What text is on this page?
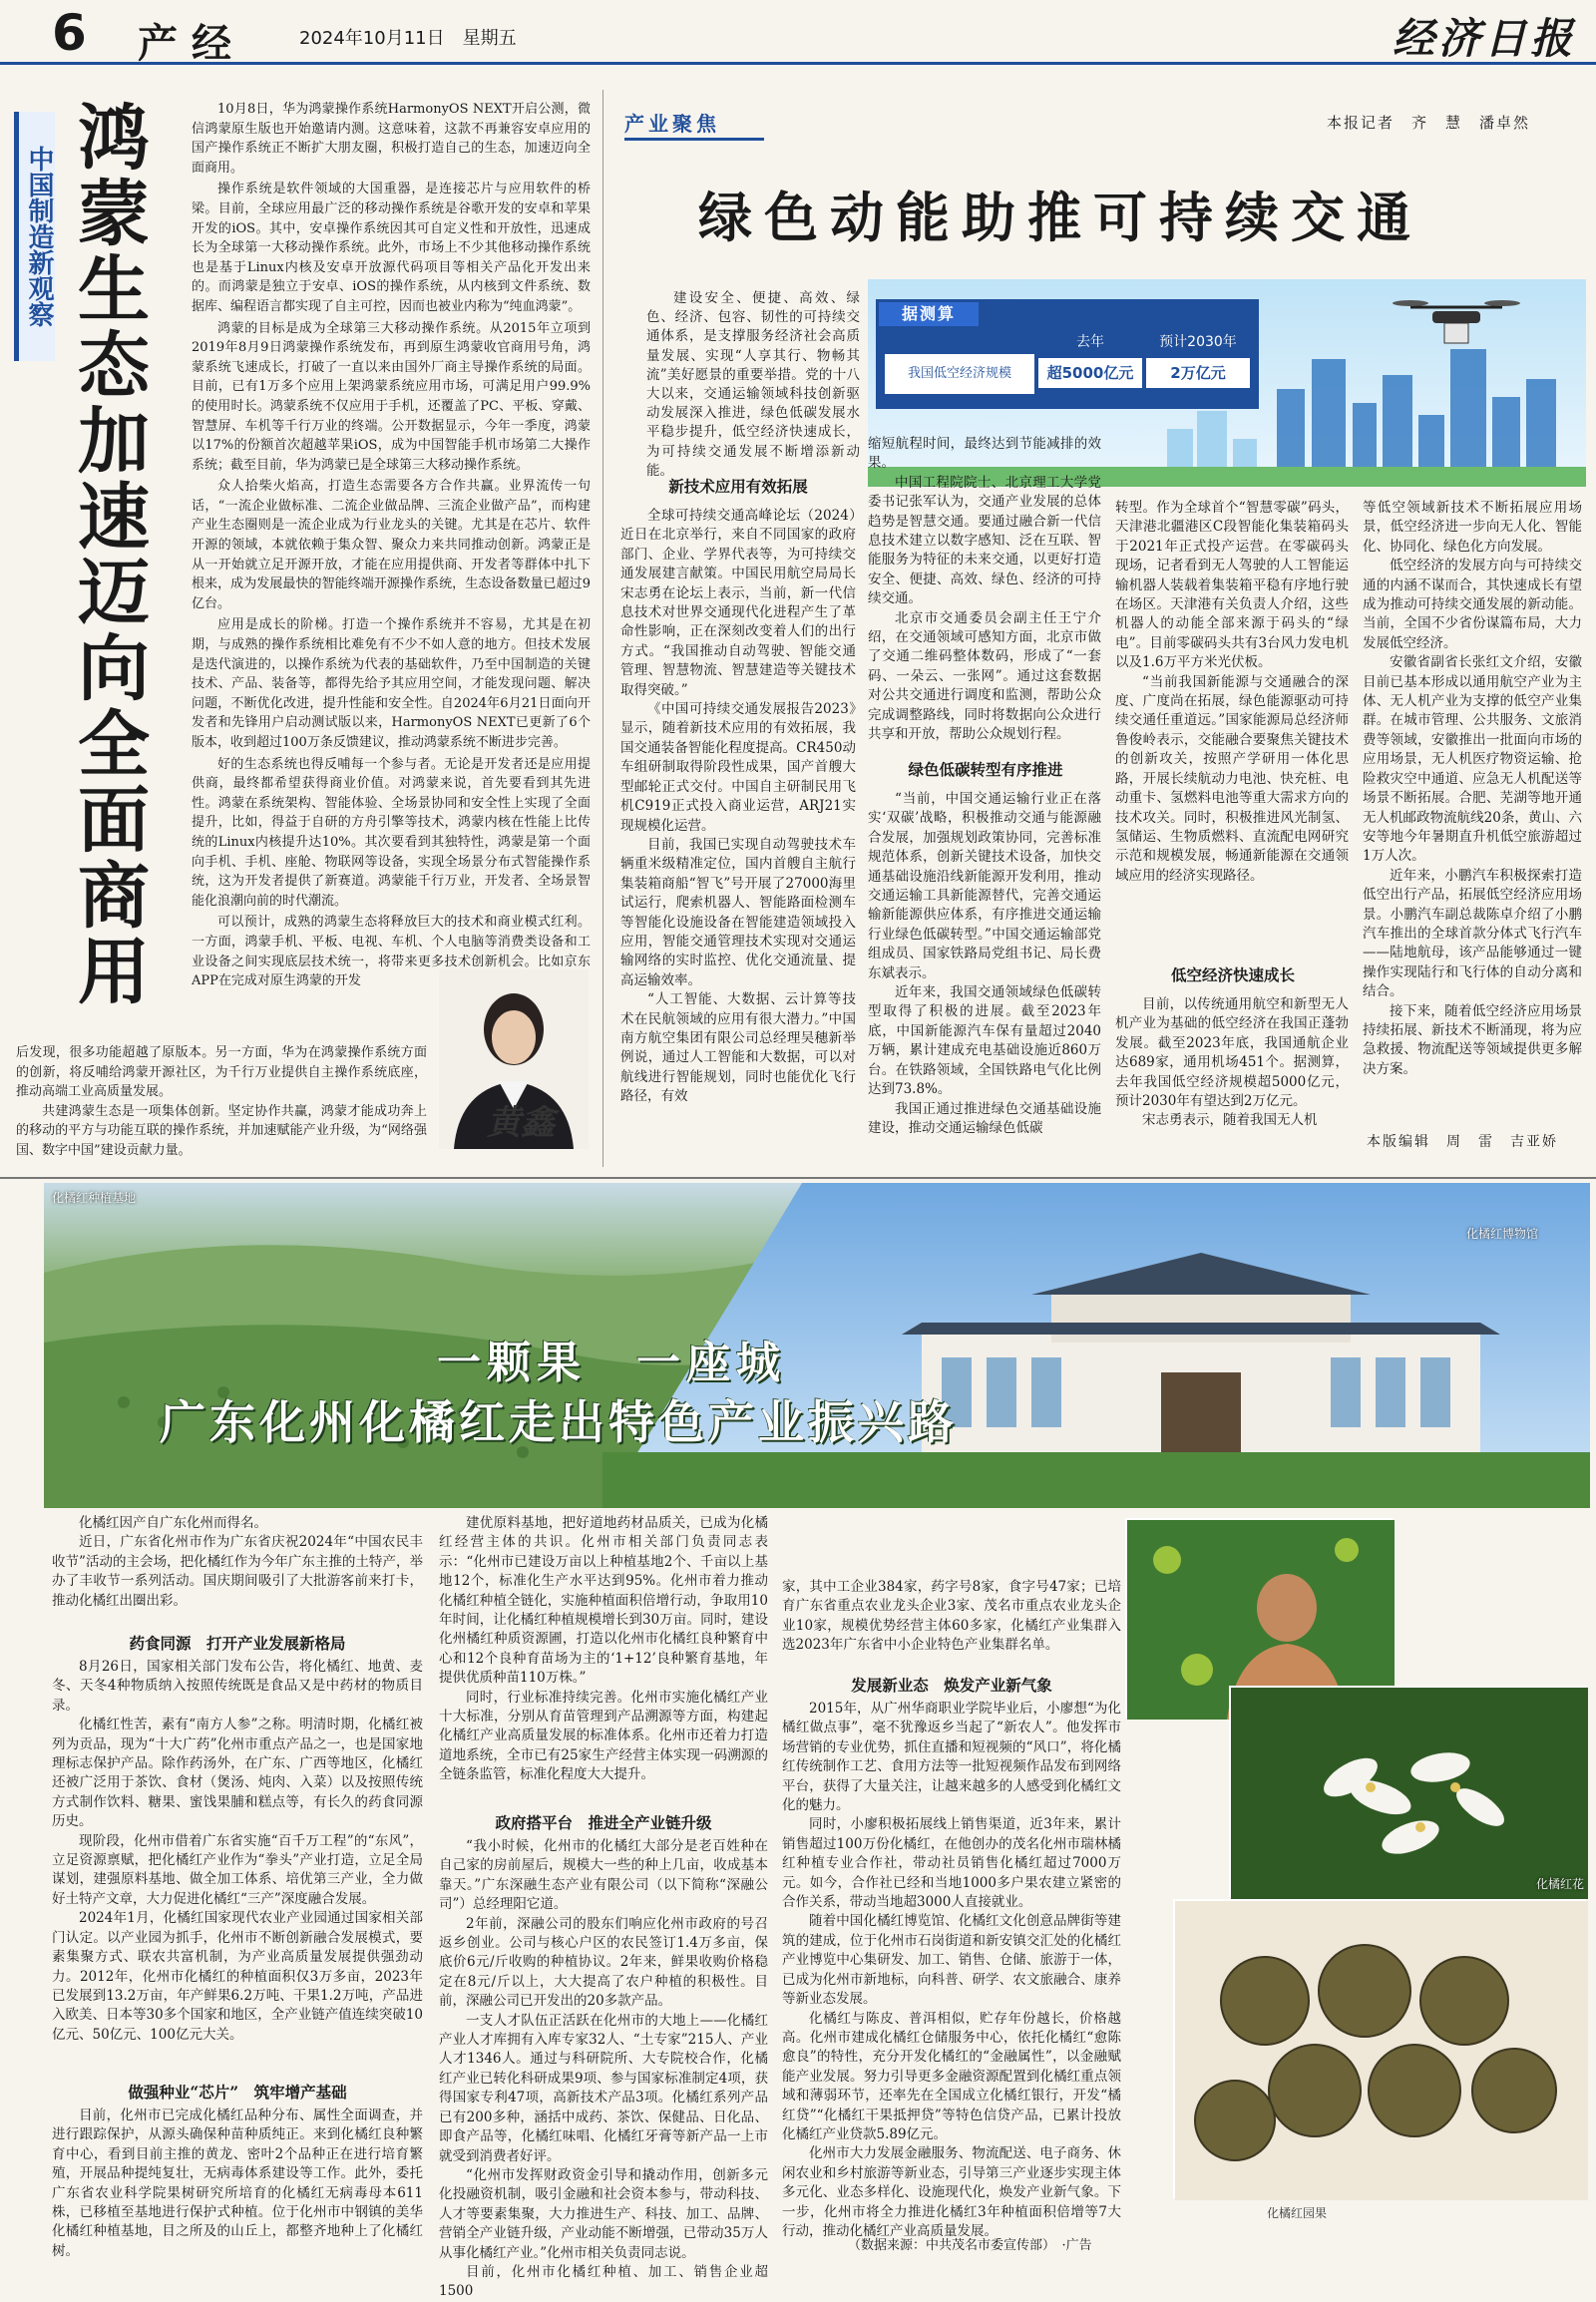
6 产经	2024年10月11日　星期五	经济日报
中国制造新观察 鸿蒙生态加速迈向全面商用	10月8日，华为鸿蒙操作系统HarmonyOS NEXT开启公测，微信鸿蒙原生版也开始邀请内测。这意味着，这款不再兼容安卓应用的国产操作系统正不断扩大朋友圈，积极打造自己的生态，加速迈向全面商用。

操作系统是软件领域的大国重器，是连接芯片与应用软件的桥梁。目前，全球应用最广泛的移动操作系统是谷歌开发的安卓和苹果开发的iOS。其中，安卓操作系统因其可自定义性和开放性，迅速成长为全球第一大移动操作系统。此外，市场上不少其他移动操作系统也是基于Linux内核及安卓开放源代码项目等相关产品化开发出来的。而鸿蒙是独立于安卓、iOS的操作系统，从内核到文件系统、数据库、编程语言都实现了自主可控，因而也被业内称为“纯血鸿蒙”。

鸿蒙的目标是成为全球第三大移动操作系统。从2015年立项到2019年8月9日鸿蒙操作系统发布，再到原生鸿蒙收官商用号角，鸿蒙系统飞速成长，打破了一直以来由国外厂商主导操作系统的局面。目前，已有1万多个应用上架鸿蒙系统应用市场，可满足用户99.9%的使用时长。鸿蒙系统不仅应用于手机，还覆盖了PC、平板、穿戴、智慧屏、车机等千行万业的终端。公开数据显示，今年一季度，鸿蒙以17%的份额首次超越苹果iOS，成为中国智能手机市场第二大操作系统；截至目前，华为鸿蒙已是全球第三大移动操作系统。

众人拾柴火焰高，打造生态需要各方合作共赢。业界流传一句话，“一流企业做标准、二流企业做品牌、三流企业做产品”，而构建产业生态圈则是一流企业成为行业龙头的关键。尤其是在芯片、软件开源的领域，本就依赖于集众智、聚众力来共同推动创新。鸿蒙正是从一开始就立足开源开放，才能在应用提供商、开发者等群体中扎下根来，成为发展最快的智能终端开源操作系统，生态设备数量已超过9亿台。

应用是成长的阶梯。打造一个操作系统并不容易，尤其是在初期，与成熟的操作系统相比难免有不少不如人意的地方。但技术发展是迭代演进的，以操作系统为代表的基础软件，乃至中国制造的关键技术、产品、装备等，都得先给予其应用空间，才能发现问题、解决问题，不断优化改进，提升性能和安全性。自2024年6月21日面向开发者和先锋用户启动测试版以来，HarmonyOS NEXT已更新了6个版本，收到超过100万条反馈建议，推动鸿蒙系统不断进步完善。

好的生态系统也得反哺每一个参与者。无论是开发者还是应用提供商，最终都希望获得商业价值。对鸿蒙来说，首先要看到其先进性。鸿蒙在系统架构、智能体验、全场景协同和安全性上实现了全面提升，比如，得益于自研的方舟引擎等技术，鸿蒙内核在性能上比传统的Linux内核提升达10%。其次要看到其独特性，鸿蒙是第一个面向手机、手机、座舱、物联网等设备，实现全场景分布式智能操作系统，这为开发者提供了新赛道。鸿蒙能千行万业，开发者、全场景智能化浪潮向前的时代潮流。

可以预计，成熟的鸿蒙生态将释放巨大的技术和商业模式红利。一方面，鸿蒙手机、平板、电视、车机、个人电脑等消费类设备和工业设备之间实现底层技术统一，将带来更多技术创新机会。比如京东APP在完成对原生鸿蒙的开发

后发现，很多功能超越了原版本。另一方面，华为在鸿蒙操作系统方面的创新，将反哺给鸿蒙开源社区，为千行万业提供自主操作系统底座，推动高端工业高质量发展。

共建鸿蒙生态是一项集体创新。坚定协作共赢，鸿蒙才能成功奔上的移动的平方与功能互联的操作系统，并加速赋能产业升级，为“网络强国、数字中国”建设贡献力量。

黄鑫
产业聚焦	本报记者　齐　慧　潘卓然
绿色动能助推可持续交通

建设安全、便捷、高效、绿色、经济、包容、韧性的可持续交通体系，是支撑服务经济社会高质量发展、实现“人享其行、物畅其流”美好愿景的重要举措。党的十八大以来，交通运输领域科技创新驱动发展深入推进，绿色低碳发展水平稳步提升，低空经济快速成长，为可持续交通发展不断增添新动能。

据测算
我国低空经济规模
去年
超5000亿元
预计2030年
2万亿元
新技术应用有效拓展

全球可持续交通高峰论坛（2024）近日在北京举行，来自不同国家的政府部门、企业、学界代表等，为可持续交通发展建言献策。中国民用航空局局长宋志勇在论坛上表示，当前，新一代信息技术对世界交通现代化进程产生了革命性影响，正在深刻改变着人们的出行方式。“我国推动自动驾驶、智能交通管理、智慧物流、智慧建造等关键技术取得突破。”

《中国可持续交通发展报告2023》显示，随着新技术应用的有效拓展，我国交通装备智能化程度提高。CR450动车组研制取得阶段性成果，国产首艘大型邮轮正式交付。中国自主研制民用飞机C919正式投入商业运营，ARJ21实现规模化运营。

目前，我国已实现自动驾驶技术车辆重米级精准定位，国内首艘自主航行集装箱商船“智飞”号开展了27000海里试运行，爬索机器人、智能路面检测车等智能化设施设备在智能建造领域投入应用，智能交通管理技术实现对交通运输网络的实时监控、优化交通流量、提高运输效率。

“人工智能、大数据、云计算等技术在民航领域的应用有很大潜力。”中国南方航空集团有限公司总经理吴穗新举例说，通过人工智能和大数据，可以对航线进行智能规划，同时也能优化飞行路径，有效

缩短航程时间，最终达到节能减排的效果。

中国工程院院士、北京理工大学党委书记张军认为，交通产业发展的总体趋势是智慧交通。要通过融合新一代信息技术建立以数字感知、泛在互联、智能服务为特征的未来交通，以更好打造安全、便捷、高效、绿色、经济的可持续交通。

北京市交通委员会副主任王宁介绍，在交通领域可感知方面，北京市做了交通二维码整体数码，形成了“一套码、一朵云、一张网”。通过这套数据对公共交通进行调度和监测，帮助公众完成调整路线，同时将数据向公众进行共享和开放，帮助公众规划行程。

绿色低碳转型有序推进

“当前，中国交通运输行业正在落实‘双碳’战略，积极推动交通与能源融合发展，加强规划政策协同，完善标准规范体系，创新关键技术设备，加快交通基础设施沿线新能源开发利用，推动交通运输工具新能源替代，完善交通运输新能源供应体系，有序推进交通运输行业绿色低碳转型。”中国交通运输部党组成员、国家铁路局党组书记、局长费东斌表示。

近年来，我国交通领域绿色低碳转型取得了积极的进展。截至2023年底，中国新能源汽车保有量超过2040万辆，累计建成充电基础设施近860万台。在铁路领域，全国铁路电气化比例达到73.8%。

我国正通过推进绿色交通基础设施建设，推动交通运输绿色低碳

转型。作为全球首个“智慧零碳”码头，天津港北疆港区C段智能化集装箱码头于2021年正式投产运营。在零碳码头现场，记者看到无人驾驶的人工智能运输机器人装载着集装箱平稳有序地行驶在场区。天津港有关负责人介绍，这些机器人的动能全部来源于码头的“绿电”。目前零碳码头共有3台风力发电机以及1.6万平方米光伏板。

“当前我国新能源与交通融合的深度、广度尚在拓展，绿色能源驱动可持续交通任重道远。”国家能源局总经济师鲁俊岭表示，交能融合要聚焦关键技术的创新攻关，按照产学研用一体化思路，开展长续航动力电池、快充桩、电动重卡、氢燃料电池等重大需求方向的技术攻关。同时，积极推进风光制氢、氢储运、生物质燃料、直流配电网研究示范和规模发展，畅通新能源在交通领域应用的经济实现路径。

低空经济快速成长

目前，以传统通用航空和新型无人机产业为基础的低空经济在我国正蓬勃发展。截至2023年底，我国通航企业达689家，通用机场451个。据测算，去年我国低空经济规模超5000亿元，预计2030年有望达到2万亿元。

宋志勇表示，随着我国无人机

等低空领域新技术不断拓展应用场景，低空经济进一步向无人化、智能化、协同化、绿色化方向发展。

低空经济的发展方向与可持续交通的内涵不谋而合，其快速成长有望成为推动可持续交通发展的新动能。当前，全国不少省份谋篇布局，大力发展低空经济。

安徽省副省长张红文介绍，安徽目前已基本形成以通用航空产业为主体、无人机产业为支撑的低空产业集群。在城市管理、公共服务、文旅消费等领域，安徽推出一批面向市场的应用场景，无人机医疗物资运输、抢险救灾空中通道、应急无人机配送等场景不断拓展。合肥、芜湖等地开通无人机邮政物流航线20条，黄山、六安等地今年暑期直升机低空旅游超过1万人次。

近年来，小鹏汽车积极探索打造低空出行产品，拓展低空经济应用场景。小鹏汽车副总裁陈卓介绍了小鹏汽车推出的全球首款分体式飞行汽车——陆地航母，该产品能够通过一键操作实现陆行和飞行体的自动分离和结合。

接下来，随着低空经济应用场景持续拓展、新技术不断涌现，将为应急救援、物流配送等领域提供更多解决方案。

本版编辑　周　雷　吉亚娇
化橘红种植基地
化橘红博物馆
一颗果　一座城
广东化州化橘红走出特色产业振兴路

化橘红因产自广东化州而得名。

近日，广东省化州市作为广东省庆祝2024年“中国农民丰收节”活动的主会场，把化橘红作为今年广东主推的土特产，举办了丰收节一系列活动。国庆期间吸引了大批游客前来打卡，推动化橘红出圈出彩。

药食同源　打开产业发展新格局

8月26日，国家相关部门发布公告，将化橘红、地黄、麦冬、天冬4种物质纳入按照传统既是食品又是中药材的物质目录。

化橘红性苦，素有“南方人参”之称。明清时期，化橘红被列为贡品，现为“十大广药”化州市重点产品之一，也是国家地理标志保护产品。除作药汤外，在广东、广西等地区，化橘红还被广泛用于茶饮、食材（煲汤、炖肉、入菜）以及按照传统方式制作饮料、糖果、蜜饯果脯和糕点等，有长久的药食同源历史。

现阶段，化州市借着广东省实施“百千万工程”的“东风”，立足资源禀赋，把化橘红产业作为“拳头”产业打造，立足全局谋划，建强原料基地、做全加工体系、培优第三产业，全力做好土特产文章，大力促进化橘红“三产”深度融合发展。

2024年1月，化橘红国家现代农业产业园通过国家相关部门认定。以产业园为抓手，化州市不断创新融合发展模式，要素集聚方式、联农共富机制，为产业高质量发展提供强劲动力。2012年，化州市化橘红的种植面积仅3万多亩，2023年已发展到13.2万亩，年产鲜果6.2万吨、干果1.2万吨，产品进入欧美、日本等30多个国家和地区，全产业链产值连续突破10亿元、50亿元、100亿元大关。

做强种业“芯片”　筑牢增产基础

目前，化州市已完成化橘红品种分布、属性全面调查，并进行跟踪保护，从源头确保种苗种质纯正。来到化橘红良种繁育中心，看到目前主推的黄龙、密叶2个品种正在进行培育繁殖，开展品种提纯复壮，无病毒体系建设等工作。此外，委托广东省农业科学院果树研究所培育的化橘红无病毒母本611株，已移植至基地进行保护式种植。位于化州市中钢镇的美华化橘红种植基地，目之所及的山丘上，都整齐地种上了化橘红树。

建优原料基地，把好道地药材品质关，已成为化橘红经营主体的共识。化州市相关部门负责同志表示：“化州市已建设万亩以上种植基地2个、千亩以上基地12个，标准化生产水平达到95%。化州市着力推动化橘红种植全链化，实施种植面积倍增行动，争取用10年时间，让化橘红种植规模增长到30万亩。同时，建设化州橘红种质资源圃，打造以化州市化橘红良种繁育中心和12个良种育苗场为主的‘1+12’良种繁育基地，年提供优质种苗110万株。”

同时，行业标准持续完善。化州市实施化橘红产业十大标准，分别从育苗管理到产品溯源等方面，构建起化橘红产业高质量发展的标准体系。化州市还着力打造道地系统，全市已有25家生产经营主体实现一码溯源的全链条监管，标准化程度大大提升。

政府搭平台　推进全产业链升级

“我小时候，化州市的化橘红大部分是老百姓种在自己家的房前屋后，规模大一些的种上几亩，收成基本靠天。”广东深融生态产业有限公司（以下简称“深融公司”）总经理阳它道。

2年前，深融公司的股东们响应化州市政府的号召返乡创业。公司与核心户区的农民签订1.4万多亩，保底价6元/斤收购的种植协议。2年来，鲜果收购价格稳定在8元/斤以上，大大提高了农户种植的积极性。目前，深融公司已开发出的20多款产品。

一支人才队伍正活跃在化州市的大地上——化橘红产业人才库拥有入库专家32人、“土专家”215人、产业人才1346人。通过与科研院所、大专院校合作，化橘红产业已转化科研成果9项、参与国家标准制定4项，获得国家专利47项，高新技术产品3项。化橘红系列产品已有200多种，涵括中成药、茶饮、保健品、日化品、即食产品等，化橘红味唱、化橘红牙膏等新产品一上市就受到消费者好评。

“化州市发挥财政资金引导和撬动作用，创新多元化投融资机制，吸引金融和社会资本参与，带动科技、人才等要素集聚，大力推进生产、科技、加工、品牌、营销全产业链升级，产业动能不断增强，已带动35万人从事化橘红产业。”化州市相关负责同志说。

目前，化州市化橘红种植、加工、销售企业超1500

家，其中工企业384家，药字号8家，食字号47家；已培育广东省重点农业龙头企业3家、茂名市重点农业龙头企业10家，规模优势经营主体60多家，化橘红产业集群入选2023年广东省中小企业特色产业集群名单。

发展新业态　焕发产业新气象

2015年，从广州华商职业学院毕业后，小廖想“为化橘红做点事”，毫不犹豫返乡当起了“新农人”。他发挥市场营销的专业优势，抓住直播和短视频的“风口”，将化橘红传统制作工艺、食用方法等一批短视频作品发布到网络平台，获得了大量关注，让越来越多的人感受到化橘红文化的魅力。

同时，小廖积极拓展线上销售渠道，近3年来，累计销售超过100万份化橘红，在他创办的茂名化州市瑞林橘红种植专业合作社，带动社员销售化橘红超过7000万元。如今，合作社已经和当地1000多户果农建立紧密的合作关系，带动当地超3000人直接就业。

随着中国化橘红博览馆、化橘红文化创意品牌街等建筑的建成，位于化州市石岗街道和新安镇交汇处的化橘红产业博览中心集研发、加工、销售、仓储、旅游于一体，已成为化州市新地标，向科普、研学、农文旅融合、康养等新业态发展。

化橘红与陈皮、普洱相似，贮存年份越长，价格越高。化州市建成化橘红仓储服务中心，依托化橘红“愈陈愈良”的特性，充分开发化橘红的“金融属性”，以金融赋能产业发展。努力引导更多金融资源配置到化橘红重点领域和薄弱环节，还率先在全国成立化橘红银行，开发“橘红贷”“化橘红干果抵押贷”等特色信贷产品，已累计投放化橘红产业贷款5.89亿元。

化州市大力发展金融服务、物流配送、电子商务、休闲农业和乡村旅游等新业态，引导第三产业逐步实现主体多元化、业态多样化、设施现代化，焕发产业新气象。下一步，化州市将全力推进化橘红3年种植面积倍增等7大行动，推动化橘红产业高质量发展。

（数据来源：中共茂名市委宣传部）　·广告
化橘红花
化橘红园果
